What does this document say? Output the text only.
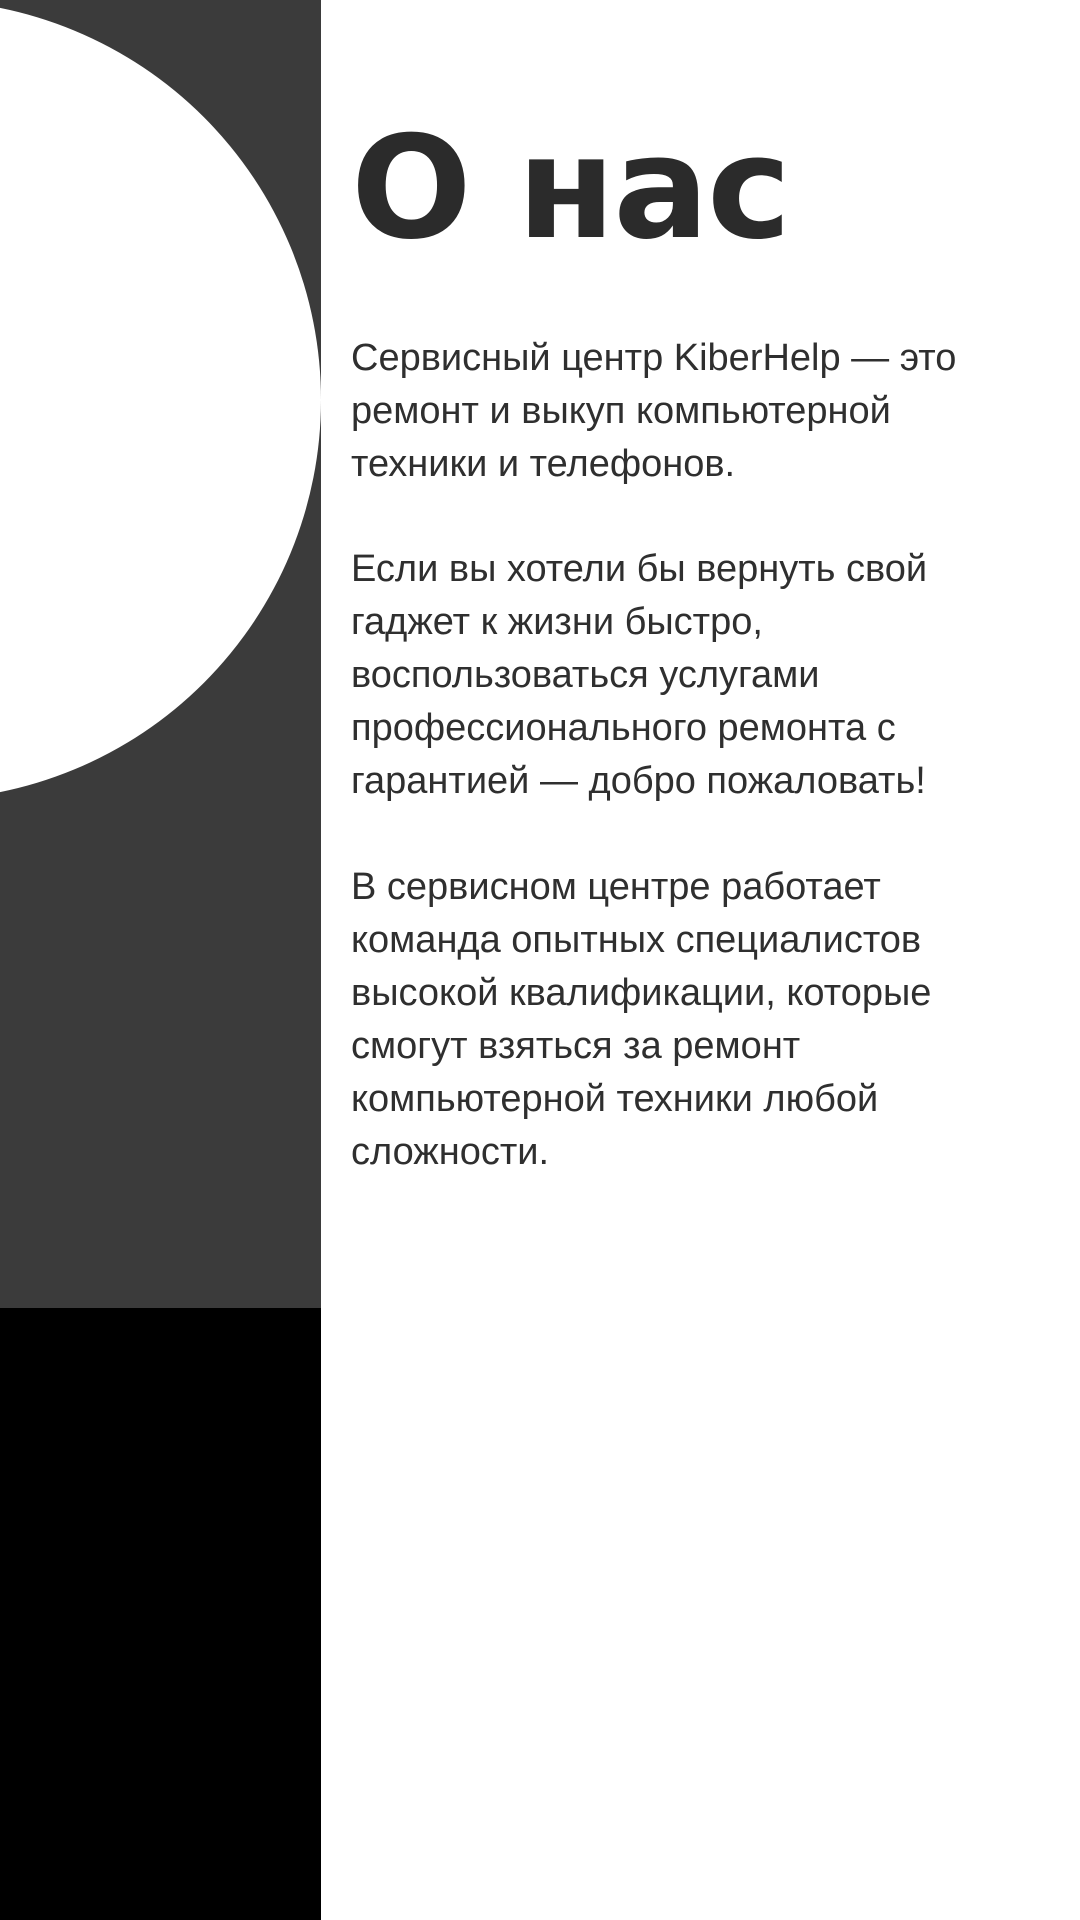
О нас

Сервисный центр KiberHelp — это ремонт и выкуп компьютерной техники и телефонов.

Если вы хотели бы вернуть свой гаджет к жизни быстро, воспользоваться услугами профессионального ремонта с гарантией — добро пожаловать!

В сервисном центре работает команда опытных специалистов высокой квалификации, которые смогут взяться за ремонт компьютерной техники любой сложности.
